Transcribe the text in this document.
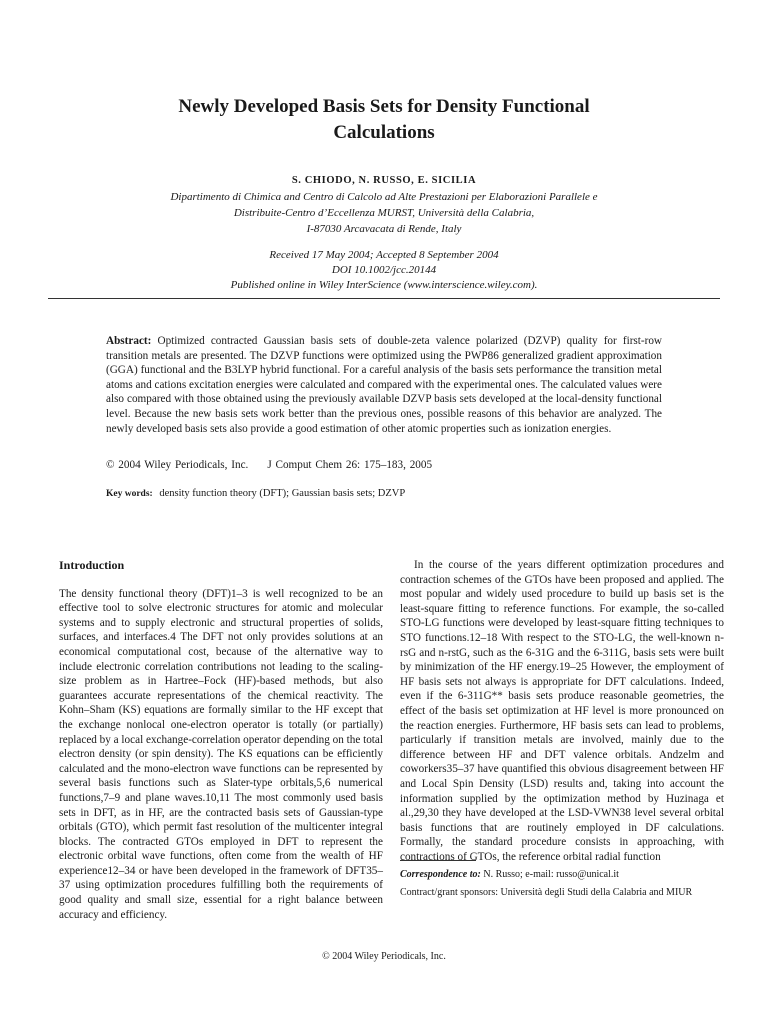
Newly Developed Basis Sets for Density Functional
Calculations
S. CHIODO, N. RUSSO, E. SICILIA
Dipartimento di Chimica and Centro di Calcolo ad Alte Prestazioni per Elaborazioni Parallele e
Distribuite-Centro d’Eccellenza MURST, Università della Calabria,
I-87030 Arcavacata di Rende, Italy
Received 17 May 2004; Accepted 8 September 2004
DOI 10.1002/jcc.20144
Published online in Wiley InterScience (www.interscience.wiley.com).
Abstract: Optimized contracted Gaussian basis sets of double-zeta valence polarized (DZVP) quality for first-row transition metals are presented. The DZVP functions were optimized using the PWP86 generalized gradient approximation (GGA) functional and the B3LYP hybrid functional. For a careful analysis of the basis sets performance the transition metal atoms and cations excitation energies were calculated and compared with the experimental ones. The calculated values were also compared with those obtained using the previously available DZVP basis sets developed at the local-density functional level. Because the new basis sets work better than the previous ones, possible reasons of this behavior are analyzed. The newly developed basis sets also provide a good estimation of other atomic properties such as ionization energies.
© 2004 Wiley Periodicals, Inc. J Comput Chem 26: 175–183, 2005
Key words: density function theory (DFT); Gaussian basis sets; DZVP
Introduction

The density functional theory (DFT)1–3 is well recognized to be an effective tool to solve electronic structures for atomic and molecular systems and to supply electronic and structural properties of solids, surfaces, and interfaces.4 The DFT not only provides solutions at an economical computational cost, because of the alternative way to include electronic correlation contributions not leading to the scaling-size problem as in Hartree–Fock (HF)-based methods, but also guarantees accurate representations of the chemical reactivity. The Kohn–Sham (KS) equations are formally similar to the HF except that the exchange nonlocal one-electron operator is totally (or partially) replaced by a local exchange-correlation operator depending on the total electron density (or spin density). The KS equations can be efficiently calculated and the mono-electron wave functions can be represented by several basis functions such as Slater-type orbitals,5,6 numerical functions,7–9 and plane waves.10,11 The most commonly used basis sets in DFT, as in HF, are the contracted basis sets of Gaussian-type orbitals (GTO), which permit fast resolution of the multicenter integral blocks. The contracted GTOs employed in DFT to represent the electronic orbital wave functions, often come from the wealth of HF experience12–34 or have been developed in the framework of DFT35–37 using optimization procedures fulfilling both the requirements of good quality and small size, essential for a right balance between accuracy and efficiency.

In the course of the years different optimization procedures and contraction schemes of the GTOs have been proposed and applied. The most popular and widely used procedure to build up basis set is the least-square fitting to reference functions. For example, the so-called STO-LG functions were developed by least-square fitting techniques to STO functions.12–18 With respect to the STO-LG, the well-known n-rsG and n-rstG, such as the 6-31G and the 6-311G, basis sets were built by minimization of the HF energy.19–25 However, the employment of HF basis sets not always is appropriate for DFT calculations. Indeed, even if the 6-311G** basis sets produce reasonable geometries, the effect of the basis set optimization at HF level is more pronounced on the reaction energies. Furthermore, HF basis sets can lead to problems, particularly if transition metals are involved, mainly due to the difference between HF and DFT valence orbitals. Andzelm and coworkers35–37 have quantified this obvious disagreement between HF and Local Spin Density (LSD) results and, taking into account the information supplied by the optimization method by Huzinaga et al.,29,30 they have developed at the LSD-VWN38 level several orbital basis functions that are routinely employed in DF calculations. Formally, the standard procedure consists in approaching, with contractions of GTOs, the reference orbital radial function

Correspondence to: N. Russo; e-mail: russo@unical.it
Contract/grant sponsors: Università degli Studi della Calabria and MIUR
© 2004 Wiley Periodicals, Inc.
